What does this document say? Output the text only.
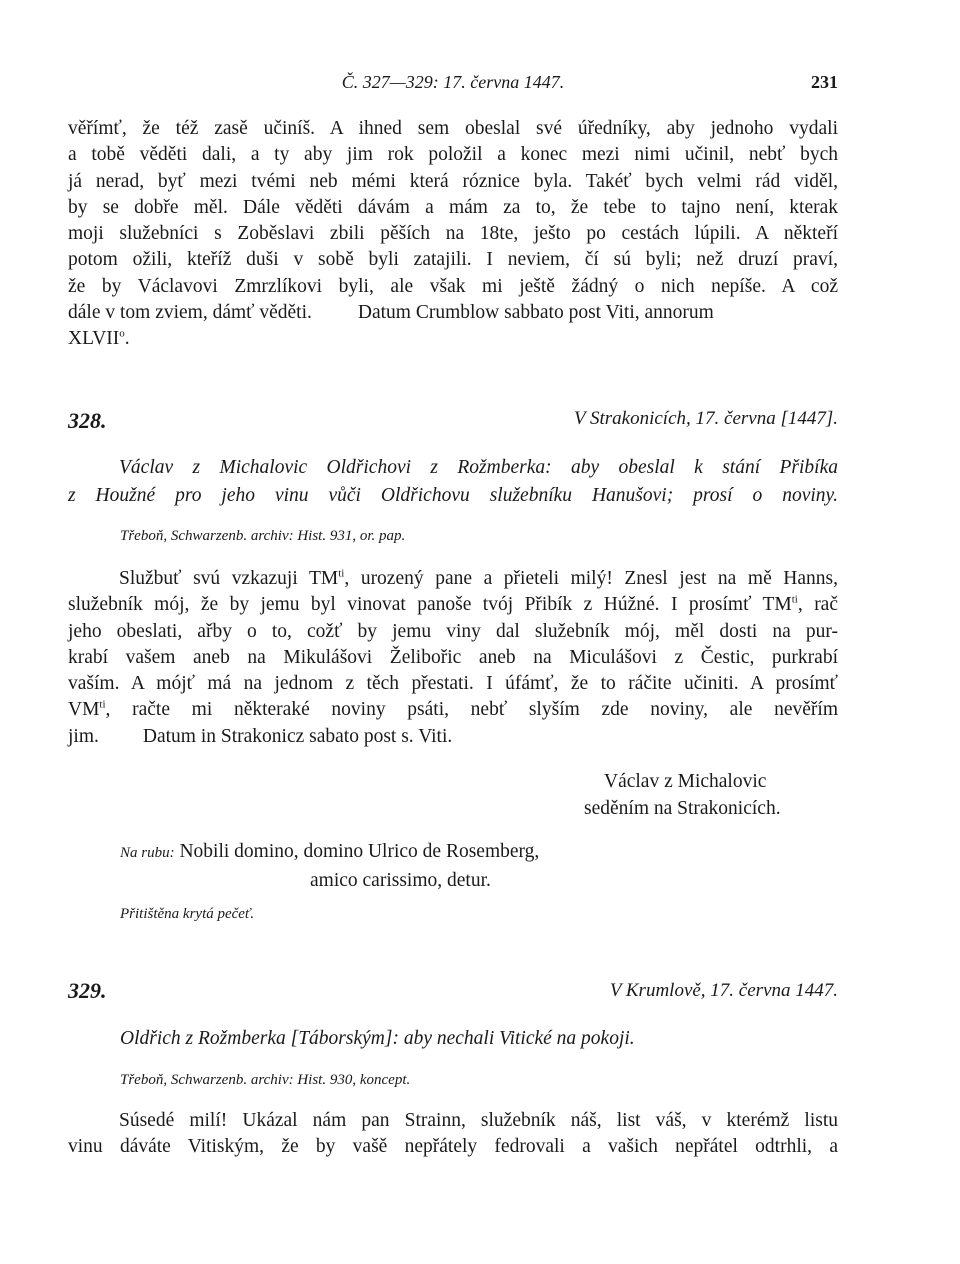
Č. 327—329: 17. června 1447.	231
věřímť, že též zasě učiníš. A ihned sem obeslal své úředníky, aby jednoho vydali
a tobě věděti dali, a ty aby jim rok položil a konec mezi nimi učinil, nebť bych
já nerad, byť mezi tvémi neb mémi která róznice byla. Takéť bych velmi rád viděl,
by se dobře měl. Dále věděti dávám a mám za to, že tebe to tajno není, kterak
moji služebníci s Zoběslavi zbili pěších na 18te, ješto po cestách lúpili. A někteří
potom ožili, kteříž duši v sobě byli zatajili. I neviem, čí sú byli; než druzí praví,
že by Václavovi Zmrzlíkovi byli, ale však mi ještě žádný o nich nepíše. A což
dále v tom zviem, dámť věděti. Datum Crumblow sabbato post Viti, annorum
XLVII$^o$.
328.	V Strakonicích, 17. června [1447].
Václav z Michalovic Oldřichovi z Rožmberka: aby obeslal k stání Přibíka
z Houžné pro jeho vinu vůči Oldřichovu služebníku Hanušovi; prosí o noviny.
Třeboň, Schwarzenb. archiv: Hist. 931, or. pap.
Službuť svú vzkazuji $TM^{ti}$, urozený pane a přieteli milý! Znesl jest na mě Hanns,
služebník mój, že by jemu byl vinovat panoše tvój Přibík z Húžné. I prosímť $TM^{ti}$, rač
jeho obeslati, ařby o to, cožť by jemu viny dal služebník mój, měl dosti na pur-
krabí vašem aneb na Mikulášovi Želibořic aneb na Miculášovi z Čestic, purkrabí
vaším. A mójť má na jednom z těch přestati. I úfámť, že to ráčite učiniti. A prosímť
$VM^{ti}$, račte mi některaké noviny psáti, nebť slyším zde noviny, ale nevěřím
jim. Datum in Strakonicz sabato post s. Viti.
Václav z Michalovic
seděním na Strakonicích.
Na rubu: Nobili domino, domino Ulrico de Rosemberg,
amico carissimo, detur.
Přitištěna krytá pečeť.
329.	V Krumlově, 17. června 1447.
Oldřich z Rožmberka [Táborským]: aby nechali Vitické na pokoji.
Třeboň, Schwarzenb. archiv: Hist. 930, koncept.
Súsedé milí! Ukázal nám pan Strainn, služebník náš, list váš, v kterémž listu
vinu dáváte Vitiským, že by vašě nepřátely fedrovali a vašich nepřátel odtrhli, a
